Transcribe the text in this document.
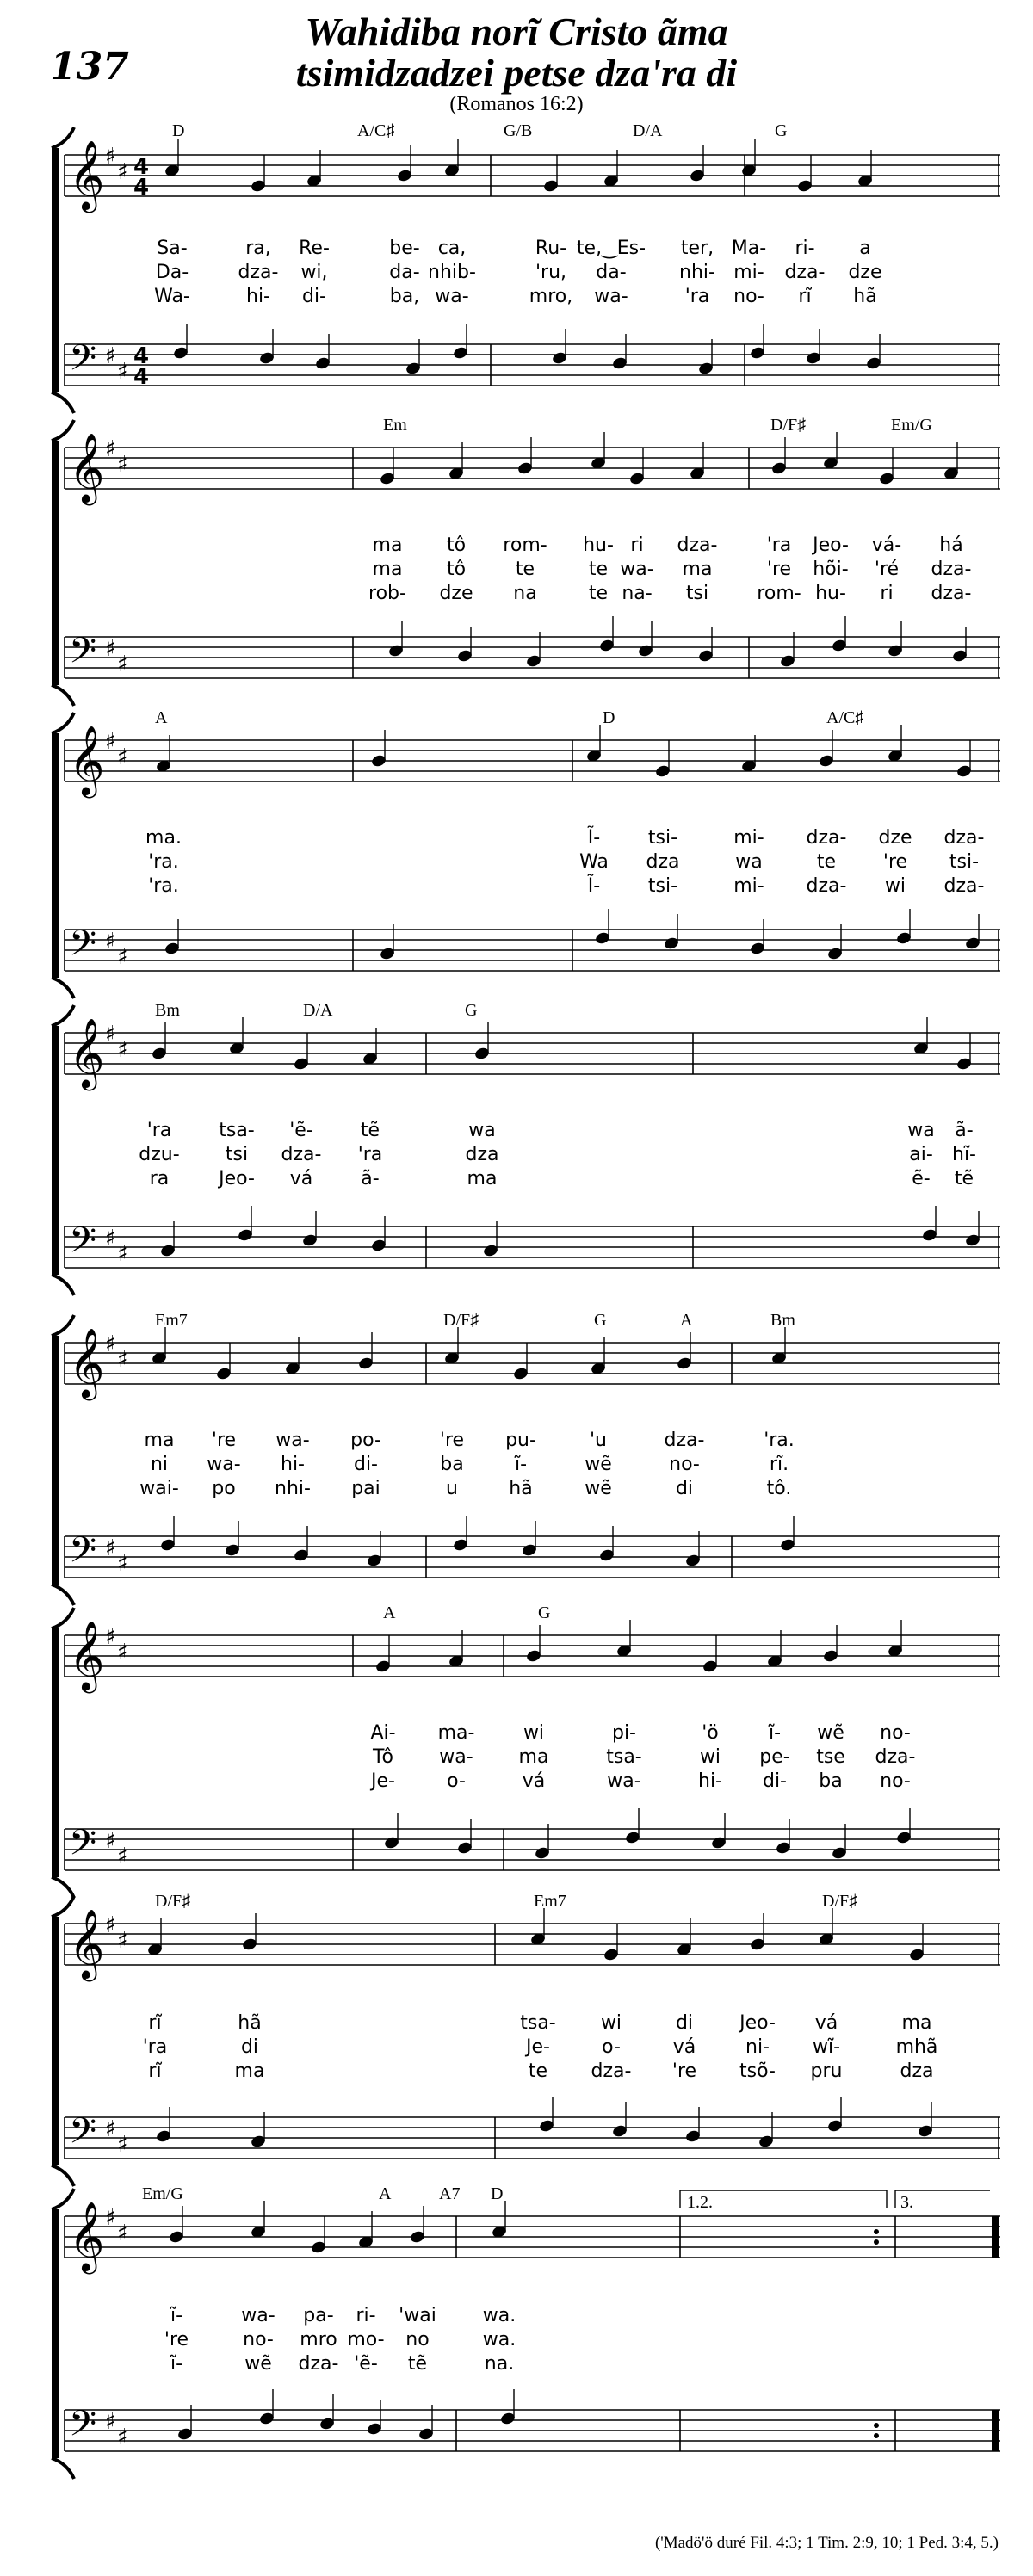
137
Wahidiba norĩ Cristo ãma
tsimidzadzei petse dza'ra di
(Romanos 16:2)
𝄞 ♯
♯ 4
4
𝄢 ♯
♯
4
4
D	A/C♯	G/B	D/A	G
Sa-	ra, Re-	be- ca,	Ru- te,‿Es- ter, Ma- ri- a
Da-	dza- wi,	da- nhib-	'ru, da-	nhi- mi- dza- dze
Wa-	hi- di-	ba, wa-	mro, wa-	'ra no- rĩ hã
𝄞 ♯
♯
𝄢 ♯
♯
Em	D/F♯	Em/G
ma tô rom- hu- ri dza-	'ra Jeo- vá- há
ma tô	te	te wa- ma	're hõi- 'ré dza-
rob- dze na	te na- tsi	rom- hu- ri dza-
𝄞 ♯
♯
𝄢 ♯
♯
A	D	A/C♯
ma.	Ĩ-	tsi-	mi- dza- dze dza-
'ra.	Wa dza	wa	te 're tsi-
'ra.	Ĩ-	tsi-	mi- dza- wi dza-
𝄞 ♯
♯
𝄢 ♯
♯
Bm	D/A	G
'ra tsa- 'ẽ-	tẽ	wa	wa ã-
dzu- tsi dza- 'ra	dza	ai- hĩ-
ra	Jeo- vá	ã-	ma	ẽ- tẽ
𝄞 ♯
♯
𝄢 ♯
♯
Em7	D/F♯	G	A	Bm
ma 're wa- po-	're pu-	'u	dza-	'ra.
ni wa- hi-	di-	ba	ĩ-	wẽ	no-	rĩ.
wai- po nhi- pai	u	hã	wẽ	di	tô.
𝄞 ♯
♯
𝄢 ♯
♯
A	G
Ai- ma-	wi	pi-	'ö	ĩ- wẽ no-
Tô wa- ma	tsa-	wi pe- tse dza-
Je-	o-	vá	wa-	hi- di- ba no-
𝄞 ♯
♯
𝄢 ♯
♯
D/F♯	Em7	D/F♯
rĩ	hã	tsa- wi	di Jeo- vá	ma
'ra	di	Je-	o-	vá	ni- wĩ-	mhã
rĩ	ma	te dza- 're tsõ- pru	dza
𝄞 ♯
♯
𝄢 ♯
♯
Em/G	A	A7 D
ĩ-	wa- pa- ri- 'wai wa.
're	no- mro mo- no	wa.
ĩ-	wẽ dza- 'ẽ- tẽ	na.
1.2.	3.
('Madö'ö duré Fil. 4:3; 1 Tim. 2:9, 10; 1 Ped. 3:4, 5.)
